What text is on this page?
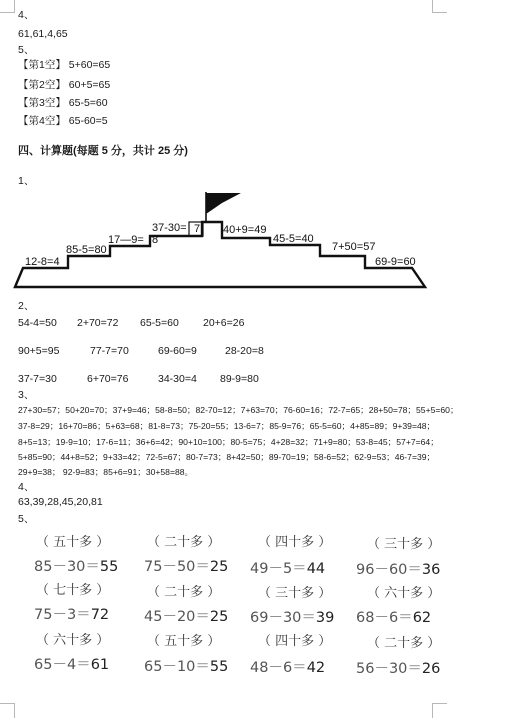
4、
61,61,4,65
5、
【第1空】 5+60=65
【第2空】 60+5=65
【第3空】 65-5=60
【第4空】 65-60=5
四、计算题(每题 5 分，共计 25 分)
1、
12-8=4
85-5=80
17—9= 8
37-30= 7 40+9=49
45-5=40
7+50=57
69-9=60
2、
54-4=50 2+70=72 65-5=60 20+6=26
90+5=95	77-7=70	69-60=9	28-20=8
37-7=30	6+70=76	34-30=4 89-9=80
3、
27+30=57；50+20=70；37+9=46；58-8=50；82-70=12；7+63=70；76-60=16；72-7=65；28+50=78；55+5=60；
37-8=29；16+70=86；5+63=68；81-8=73；75-20=55；13-6=7；85-9=76；65-5=60；4+85=89；9+39=48；
8+5=13；19-9=10；17-6=11；36+6=42；90+10=100；80-5=75；4+28=32；71+9=80；53-8=45；57+7=64；
5+85=90；44+8=52；9+33=42；72-5=67；80-7=73；8+42=50；89-70=19；58-6=52；62-9=53；46-7=39；
29+9=38； 92-9=83；85+6=91；30+58=88。
4、
63,39,28,45,20,81
5、
（ 五十多 ）	（ 二十多 ）	（ 四十多 ）	（ 三十多 ）
85－30＝55 75－50＝25 49－5＝44 96－60＝36
（ 七十多 ）	（ 二十多 ）	（ 三十多 ）	（ 六十多 ）
75－3＝72 45－20＝25 69－30＝39 68－6＝62
（ 六十多 ）	（ 五十多 ）	（ 四十多 ）	（ 二十多 ）
65－4＝61 65－10＝55 48－6＝42 56－30＝26
